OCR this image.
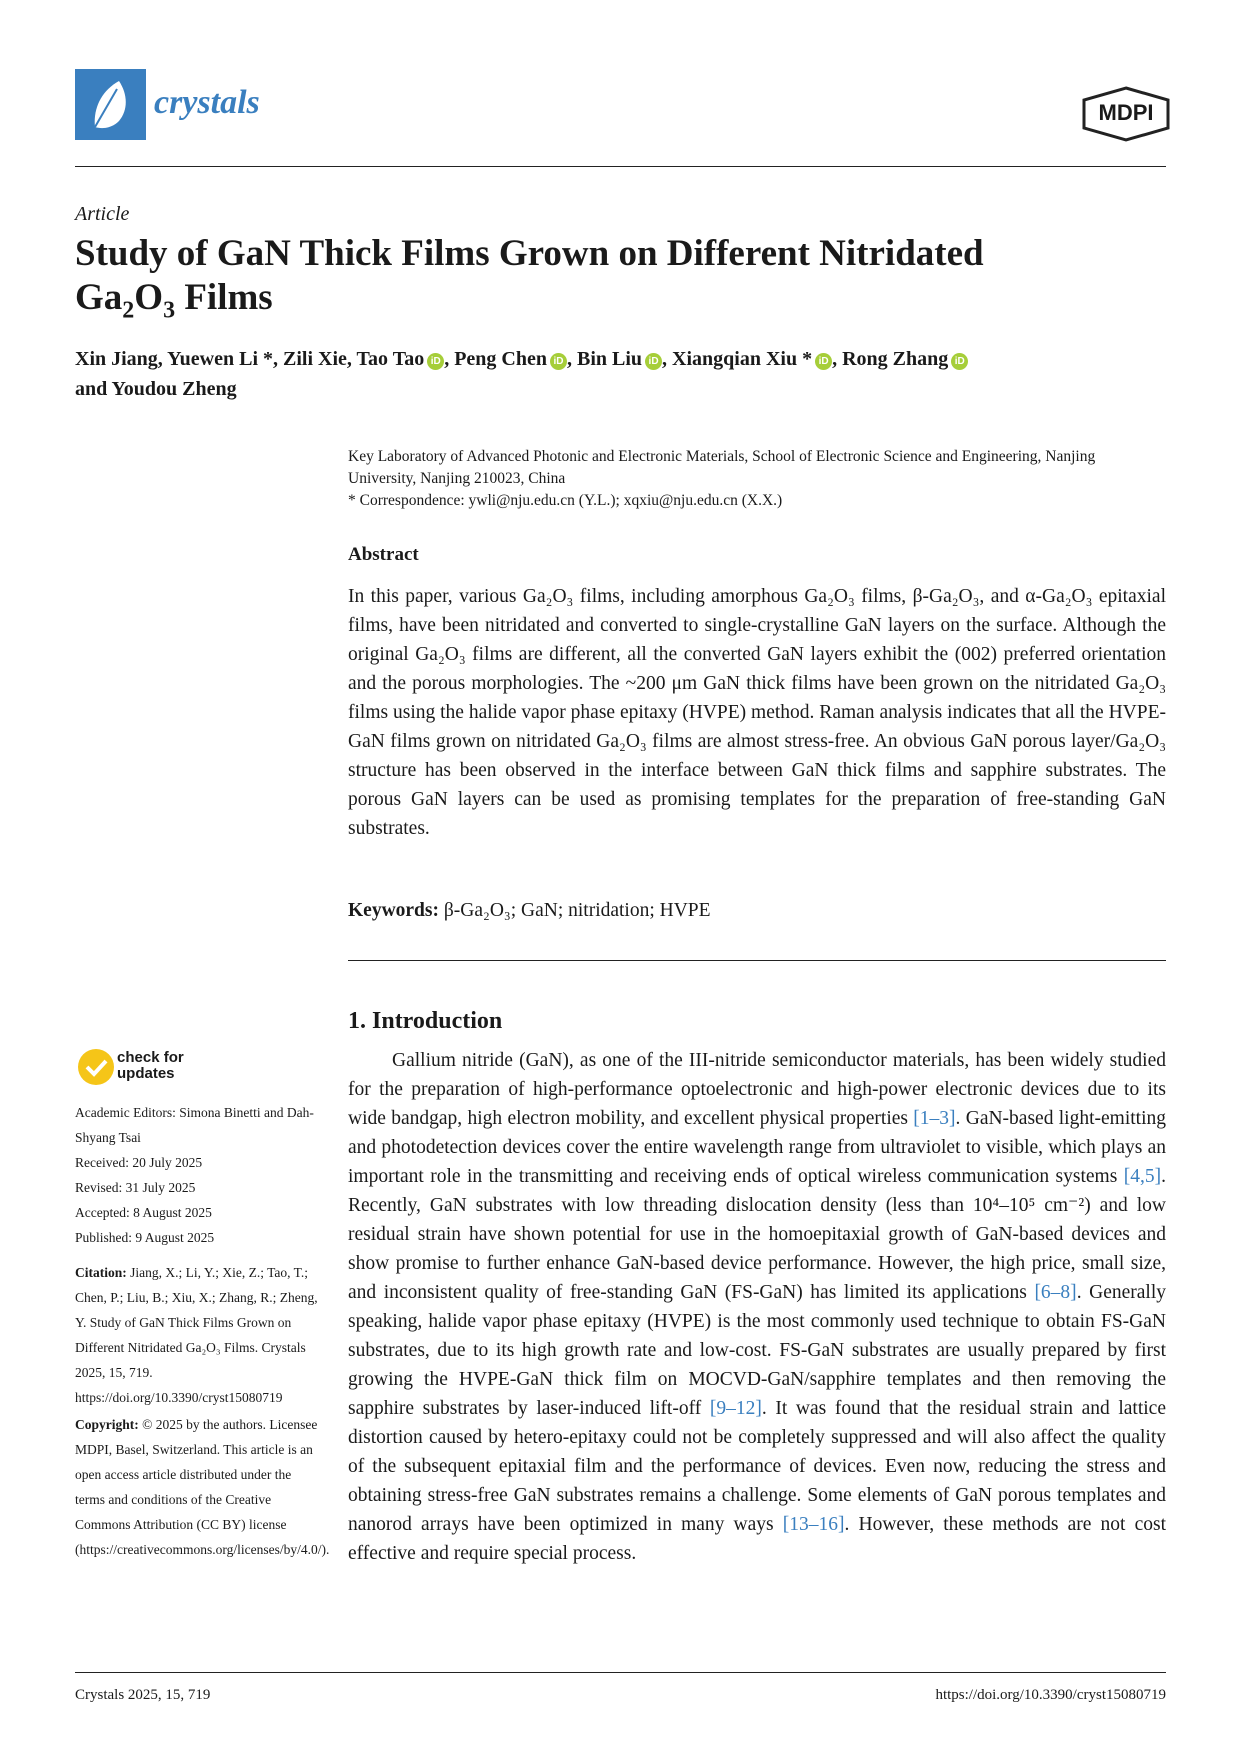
crystals	MDPI
Article
Study of GaN Thick Films Grown on Different Nitridated
$Ga_2O_3$ Films
Xin Jiang, Yuewen Li *, Zili Xie, Tao Tao iD , Peng Chen iD , Bin Liu iD , Xiangqian Xiu * iD , Rong Zhang iD
and Youdou Zheng
Key Laboratory of Advanced Photonic and Electronic Materials, School of Electronic Science and Engineering, Nanjing University, Nanjing 210023, China
* Correspondence: ywli@nju.edu.cn (Y.L.); xqxiu@nju.edu.cn (X.X.)
Abstract

In this paper, various Ga₂O₃ films, including amorphous Ga₂O₃ films, β-Ga₂O₃, and α-Ga₂O₃ epitaxial films, have been nitridated and converted to single-crystalline GaN layers on the surface. Although the original Ga₂O₃ films are different, all the converted GaN layers exhibit the (002) preferred orientation and the porous morphologies. The ~200 μm GaN thick films have been grown on the nitridated Ga₂O₃ films using the halide vapor phase epitaxy (HVPE) method. Raman analysis indicates that all the HVPE-GaN films grown on nitridated Ga₂O₃ films are almost stress-free. An obvious GaN porous layer/Ga₂O₃ structure has been observed in the interface between GaN thick films and sapphire substrates. The porous GaN layers can be used as promising templates for the preparation of free-standing GaN substrates.

Keywords: β-Ga₂O₃; GaN; nitridation; HVPE
1. Introduction

Gallium nitride (GaN), as one of the III-nitride semiconductor materials, has been widely studied for the preparation of high-performance optoelectronic and high-power electronic devices due to its wide bandgap, high electron mobility, and excellent physical properties [1–3]. GaN-based light-emitting and photodetection devices cover the entire wavelength range from ultraviolet to visible, which plays an important role in the transmitting and receiving ends of optical wireless communication systems [4,5]. Recently, GaN substrates with low threading dislocation density (less than 10⁴–10⁵ cm⁻²) and low residual strain have shown potential for use in the homoepitaxial growth of GaN-based devices and show promise to further enhance GaN-based device performance. However, the high price, small size, and inconsistent quality of free-standing GaN (FS-GaN) has limited its applications [6–8]. Generally speaking, halide vapor phase epitaxy (HVPE) is the most commonly used technique to obtain FS-GaN substrates, due to its high growth rate and low-cost. FS-GaN substrates are usually prepared by first growing the HVPE-GaN thick film on MOCVD-GaN/sapphire templates and then removing the sapphire substrates by laser-induced lift-off [9–12]. It was found that the residual strain and lattice distortion caused by hetero-epitaxy could not be completely suppressed and will also affect the quality of the subsequent epitaxial film and the performance of devices. Even now, reducing the stress and obtaining stress-free GaN substrates remains a challenge. Some elements of GaN porous templates and nanorod arrays have been optimized in many ways [13–16]. However, these methods are not cost effective and require special process.

check for
updates
Academic Editors: Simona Binetti and Dah-Shyang Tsai
Received: 20 July 2025
Revised: 31 July 2025
Accepted: 8 August 2025
Published: 9 August 2025
Citation: Jiang, X.; Li, Y.; Xie, Z.; Tao, T.; Chen, P.; Liu, B.; Xiu, X.; Zhang, R.; Zheng, Y. Study of GaN Thick Films Grown on Different Nitridated Ga₂O₃ Films. Crystals 2025, 15, 719. https://doi.org/10.3390/cryst15080719
Copyright: © 2025 by the authors. Licensee MDPI, Basel, Switzerland. This article is an open access article distributed under the terms and conditions of the Creative Commons Attribution (CC BY) license (https://creativecommons.org/licenses/by/4.0/).
Crystals 2025, 15, 719	https://doi.org/10.3390/cryst15080719
